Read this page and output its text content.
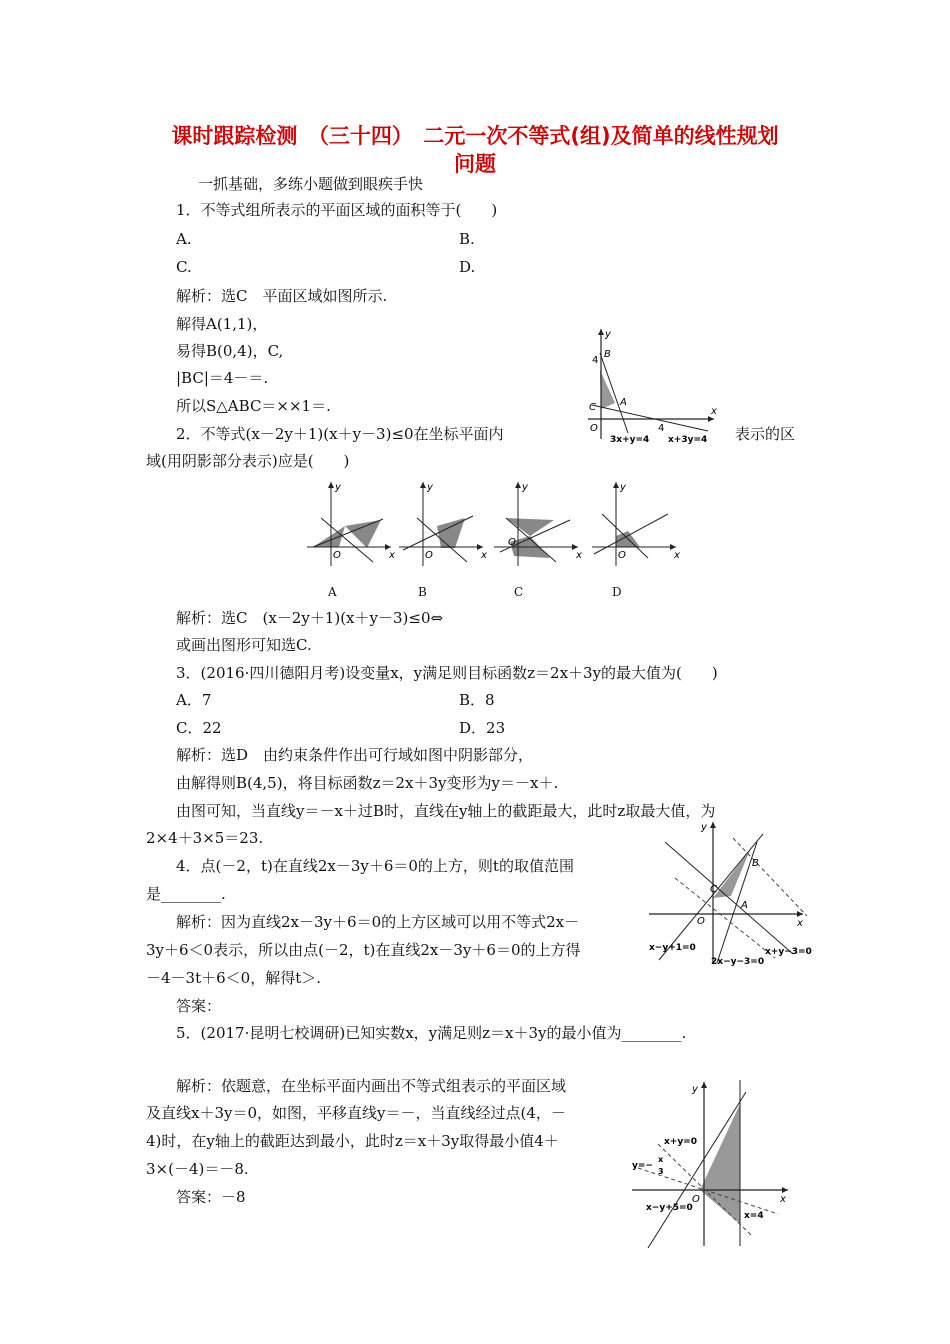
课时跟踪检测　（三十四）　二元一次不等式(组)及简单的线性规划
问题
一抓基础，多练小题做到眼疾手快
1．不等式组所表示的平面区域的面积等于(　　)
A.	B.
C.	D.
解析：选C　平面区域如图所示.
解得A(1,1)，
易得B(0,4)，C,
|BC|＝4－＝.
所以S△ABC＝××1＝.
y
x
B
4
A
C
O	4
3x+y=4 x+3y=4
2．不等式(x－2y＋1)(x＋y－3)≤0在坐标平面内	表示的区
域(用阴影部分表示)应是(　　)
y
x
O
y
x
O
y
x
O
y
x
O
A	B	C	D
解析：选C　(x－2y＋1)(x＋y－3)≤0⇔
或画出图形可知选C.
3．(2016·四川德阳月考)设变量x，y满足则目标函数z＝2x＋3y的最大值为(　　)
A．7	B．8
C．22	D．23
解析：选D　由约束条件作出可行域如图中阴影部分，
由解得则B(4,5)，将目标函数z＝2x＋3y变形为y＝－x＋.
由图可知，当直线y＝－x＋过B时，直线在y轴上的截距最大，此时z取最大值，为
2×4＋3×5＝23.
y
x
B
A
C
O
x−y+1=0
2x−y−3=0
x+y−3=0
4．点(－2，t)在直线2x－3y＋6＝0的上方，则t的取值范围
是________.
解析：因为直线2x－3y＋6＝0的上方区域可以用不等式2x－
3y＋6＜0表示，所以由点(－2，t)在直线2x－3y＋6＝0的上方得
－4－3t＋6＜0，解得t＞.
答案：
5．(2017·昆明七校调研)已知实数x，y满足则z＝x＋3y的最小值为________.
解析：依题意，在坐标平面内画出不等式组表示的平面区域
及直线x＋3y＝0，如图，平移直线y＝－，当直线经过点(4，－
4)时，在y轴上的截距达到最小，此时z＝x＋3y取得最小值4＋
3×(－4)＝－8.
答案：－8
y
x
O
x+y=0
y=−
x
3
x−y+5=0
x=4
